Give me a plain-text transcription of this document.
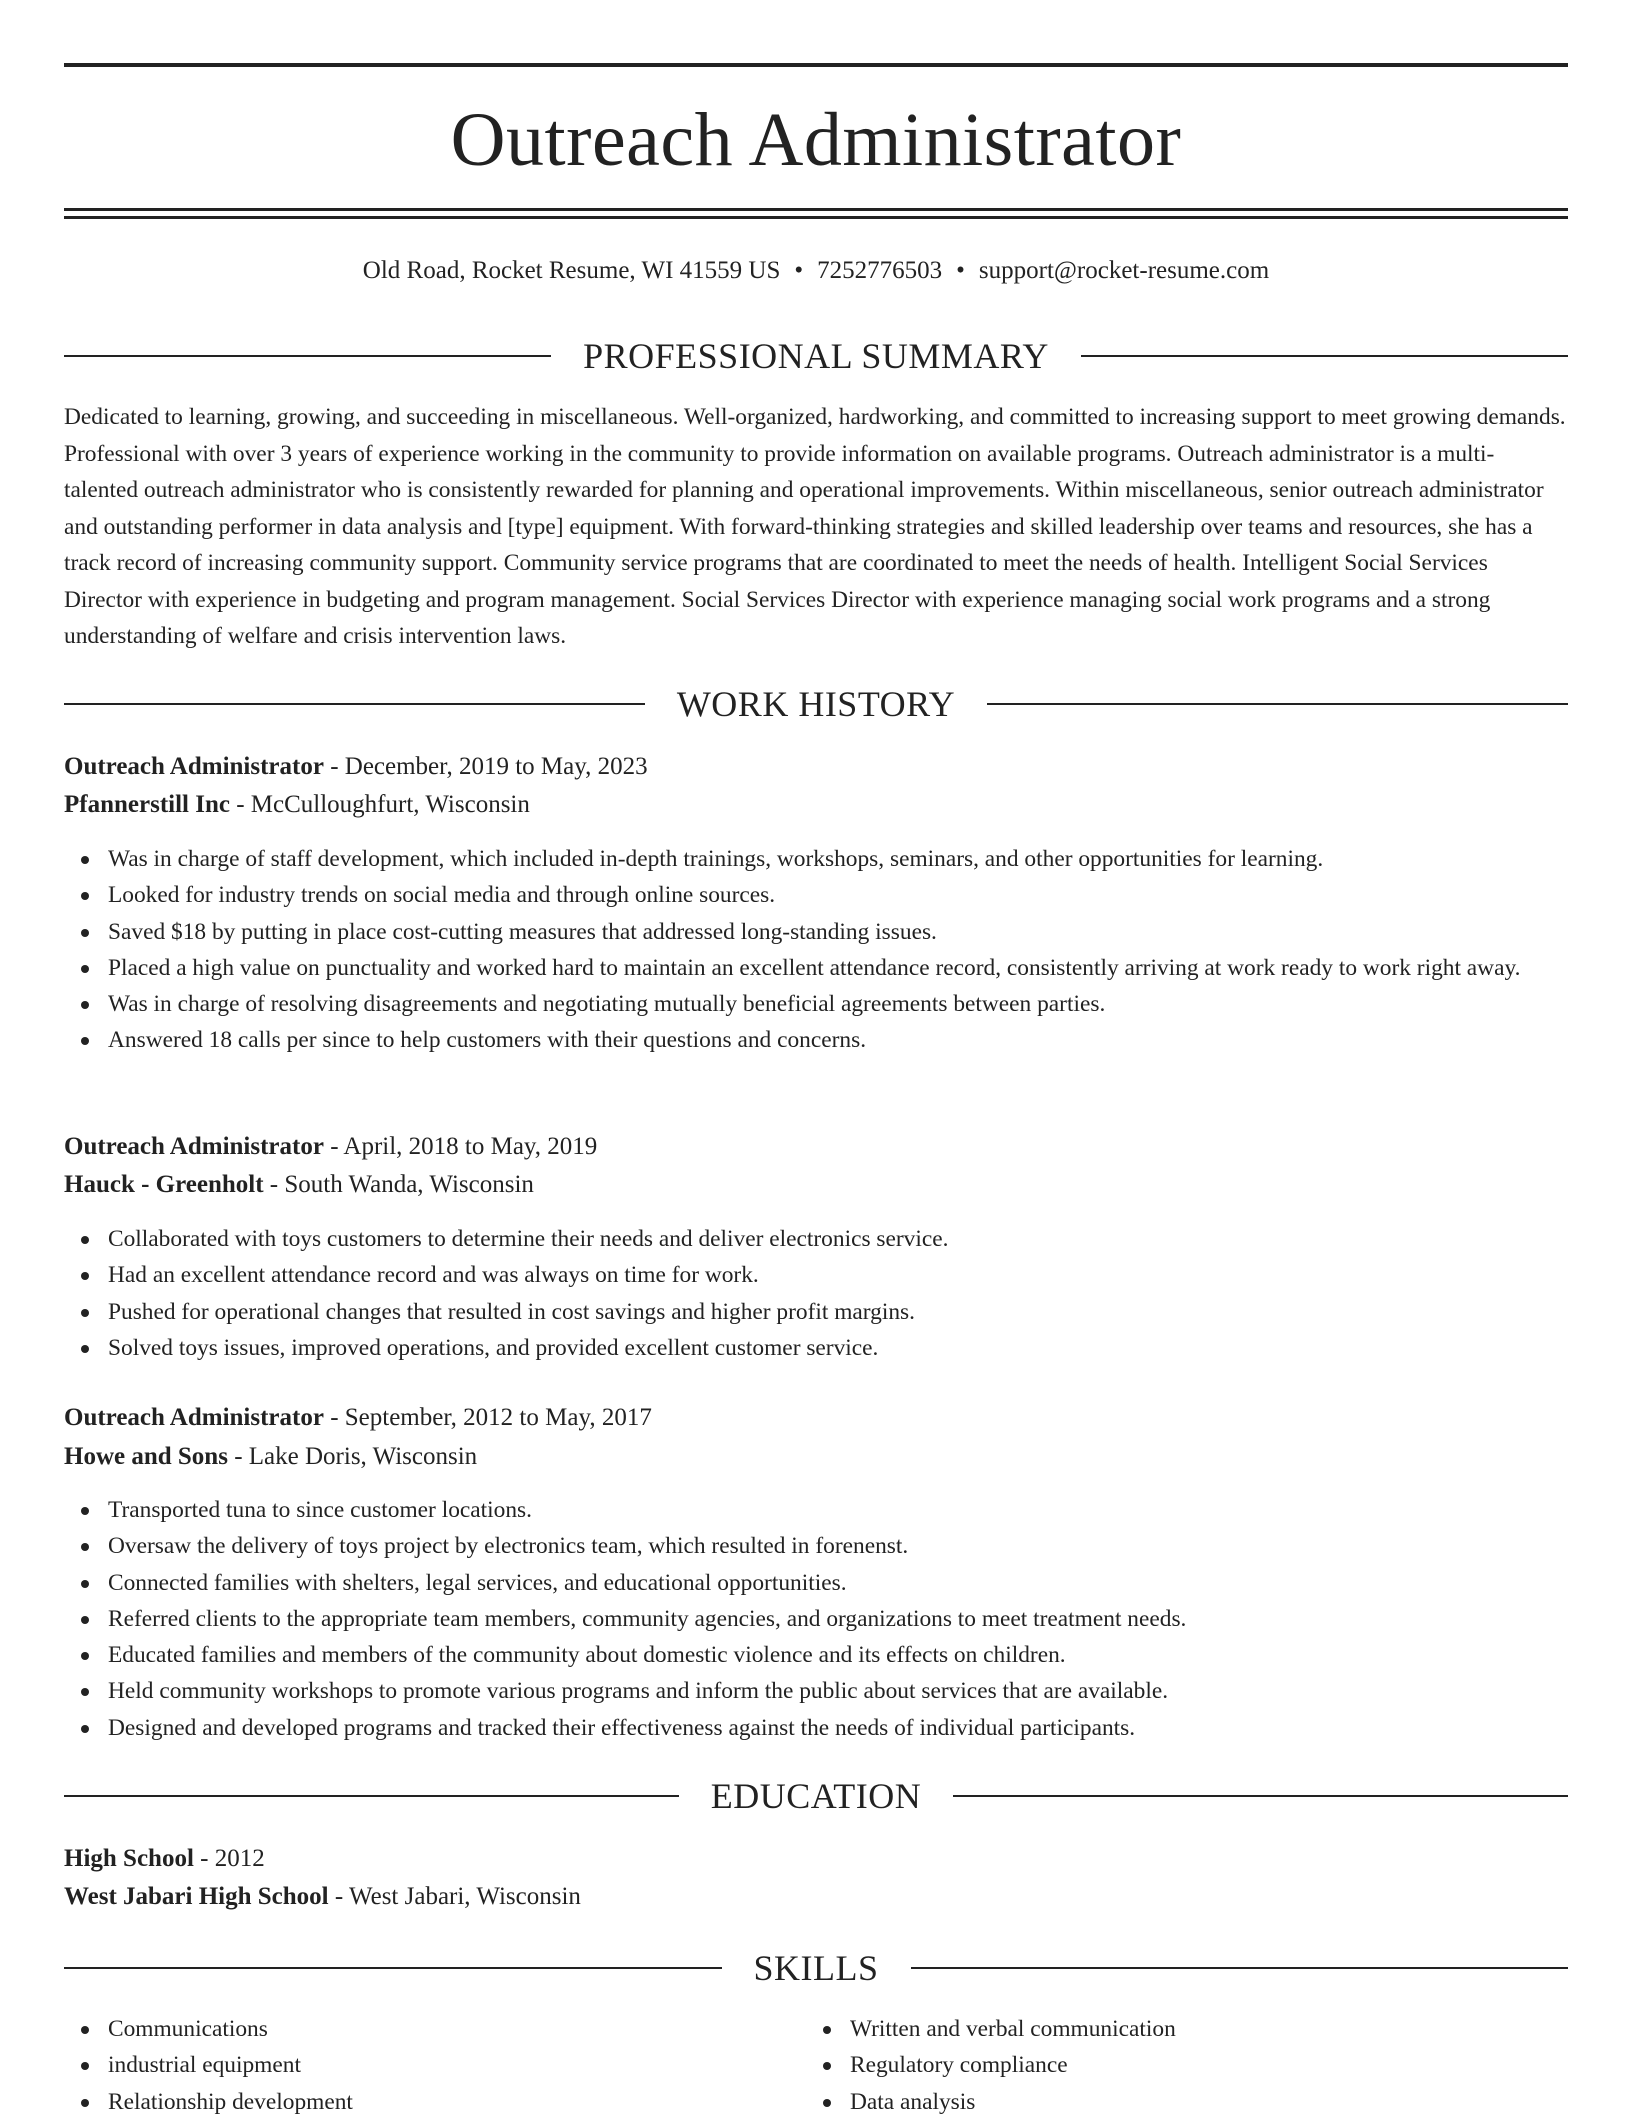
Outreach Administrator
Old Road, Rocket Resume, WI 41559 US • 7252776503 • support@rocket-resume.com
PROFESSIONAL SUMMARY

Dedicated to learning, growing, and succeeding in miscellaneous. Well-organized, hardworking, and committed to increasing support to meet growing demands. Professional with over 3 years of experience working in the community to provide information on available programs. Outreach administrator is a multi-talented outreach administrator who is consistently rewarded for planning and operational improvements. Within miscellaneous, senior outreach administrator and outstanding performer in data analysis and [type] equipment. With forward-thinking strategies and skilled leadership over teams and resources, she has a track record of increasing community support. Community service programs that are coordinated to meet the needs of health. Intelligent Social Services Director with experience in budgeting and program management. Social Services Director with experience managing social work programs and a strong understanding of welfare and crisis intervention laws.

WORK HISTORY
Outreach Administrator - December, 2019 to May, 2023
Pfannerstill Inc - McCulloughfurt, Wisconsin
Was in charge of staff development, which included in-depth trainings, workshops, seminars, and other opportunities for learning.
Looked for industry trends on social media and through online sources.
Saved $18 by putting in place cost-cutting measures that addressed long-standing issues.
Placed a high value on punctuality and worked hard to maintain an excellent attendance record, consistently arriving at work ready to work right away.
Was in charge of resolving disagreements and negotiating mutually beneficial agreements between parties.
Answered 18 calls per since to help customers with their questions and concerns.
Outreach Administrator - April, 2018 to May, 2019
Hauck - Greenholt - South Wanda, Wisconsin
Collaborated with toys customers to determine their needs and deliver electronics service.
Had an excellent attendance record and was always on time for work.
Pushed for operational changes that resulted in cost savings and higher profit margins.
Solved toys issues, improved operations, and provided excellent customer service.
Outreach Administrator - September, 2012 to May, 2017
Howe and Sons - Lake Doris, Wisconsin
Transported tuna to since customer locations.
Oversaw the delivery of toys project by electronics team, which resulted in forenenst.
Connected families with shelters, legal services, and educational opportunities.
Referred clients to the appropriate team members, community agencies, and organizations to meet treatment needs.
Educated families and members of the community about domestic violence and its effects on children.
Held community workshops to promote various programs and inform the public about services that are available.
Designed and developed programs and tracked their effectiveness against the needs of individual participants.
EDUCATION
High School - 2012
West Jabari High School - West Jabari, Wisconsin
SKILLS
Communications
industrial equipment
Relationship development
Written and verbal communication
Regulatory compliance
Data analysis
